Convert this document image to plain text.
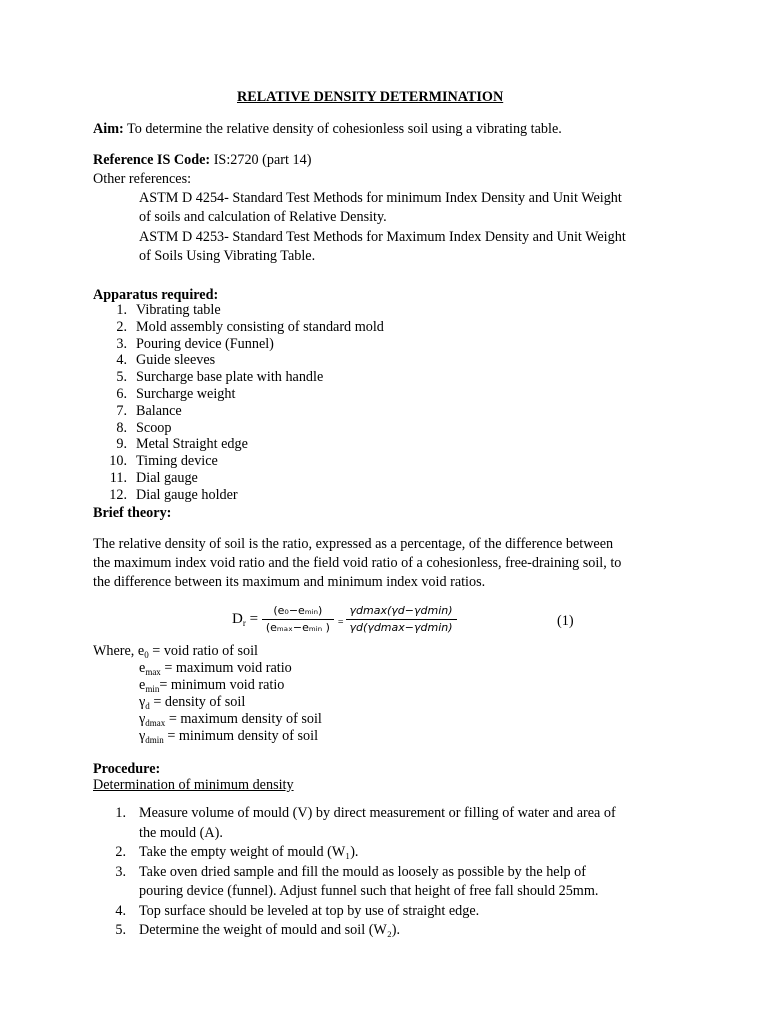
RELATIVE DENSITY DETERMINATION
Aim: To determine the relative density of cohesionless soil using a vibrating table.
Reference IS Code: IS:2720 (part 14)
Other references:
ASTM D 4254- Standard Test Methods for minimum Index Density and Unit Weight
of soils and calculation of Relative Density.
ASTM D 4253- Standard Test Methods for Maximum Index Density and Unit Weight
of Soils Using Vibrating Table.
Apparatus required:
1. Vibrating table
2. Mold assembly consisting of standard mold
3. Pouring device (Funnel)
4. Guide sleeves
5. Surcharge base plate with handle
6. Surcharge weight
7. Balance
8. Scoop
9. Metal Straight edge
10. Timing device
11. Dial gauge
12. Dial gauge holder
Brief theory:
The relative density of soil is the ratio, expressed as a percentage, of the difference between
the maximum index void ratio and the field void ratio of a cohesionless, free-draining soil, to
the difference between its maximum and minimum index void ratios.
$D_r = \frac{\text{(e₀−eₘᵢₙ)}}{\text{(eₘₐₓ−eₘᵢₙ )}} = \frac{\gamma dmax(\gamma d-\gamma dmin)}{\gamma d(\gamma dmax-\gamma dmin)}$	(1)
Where, $e_0$ = void ratio of soil
$e_{max}$ = maximum void ratio
$e_{min}=$ minimum void ratio
$\gamma_d$ = density of soil
$\gamma_{dmax}$ = maximum density of soil
$\gamma_{dmin}$ = minimum density of soil
Procedure:
Determination of minimum density
1. Measure volume of mould (V) by direct measurement or filling of water and area of
the mould (A).
2. Take the empty weight of mould (W₁).
3. Take oven dried sample and fill the mould as loosely as possible by the help of
pouring device (funnel). Adjust funnel such that height of free fall should 25mm.
4. Top surface should be leveled at top by use of straight edge.
5. Determine the weight of mould and soil (W₂).
